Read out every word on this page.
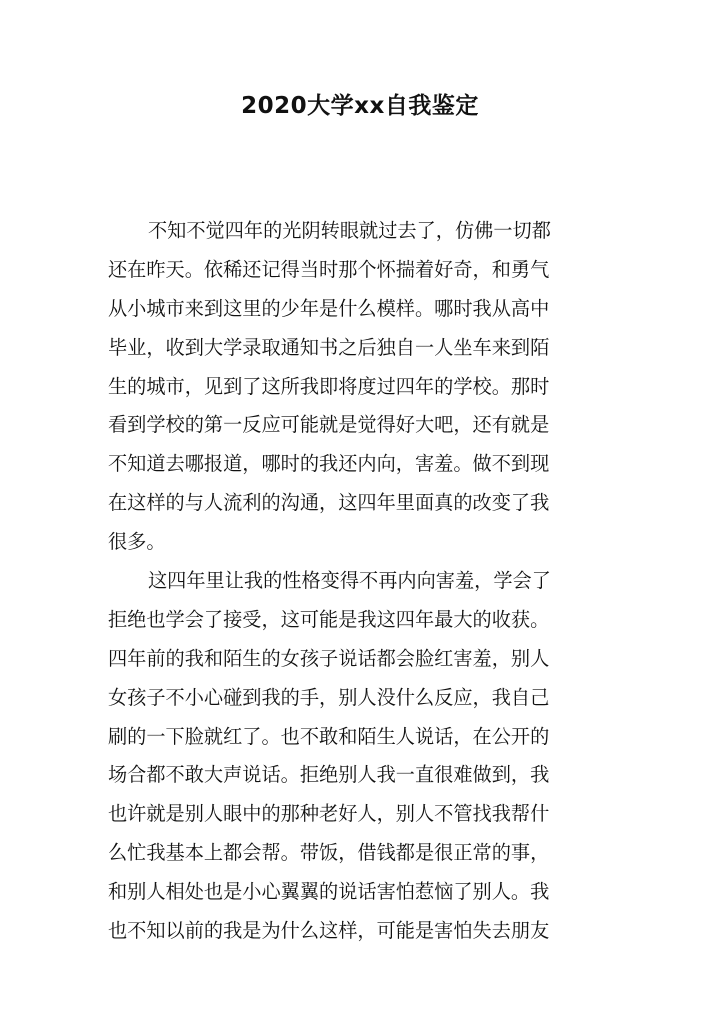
2020大学xx自我鉴定
不知不觉四年的光阴转眼就过去了，仿佛一切都
还在昨天。依稀还记得当时那个怀揣着好奇，和勇气
从小城市来到这里的少年是什么模样。哪时我从高中
毕业，收到大学录取通知书之后独自一人坐车来到陌
生的城市，见到了这所我即将度过四年的学校。那时
看到学校的第一反应可能就是觉得好大吧，还有就是
不知道去哪报道，哪时的我还内向，害羞。做不到现
在这样的与人流利的沟通，这四年里面真的改变了我
很多。
这四年里让我的性格变得不再内向害羞，学会了
拒绝也学会了接受，这可能是我这四年最大的收获。
四年前的我和陌生的女孩子说话都会脸红害羞，别人
女孩子不小心碰到我的手，别人没什么反应，我自己
刷的一下脸就红了。也不敢和陌生人说话，在公开的
场合都不敢大声说话。拒绝别人我一直很难做到，我
也许就是别人眼中的那种老好人，别人不管找我帮什
么忙我基本上都会帮。带饭，借钱都是很正常的事，
和别人相处也是小心翼翼的说话害怕惹恼了别人。我
也不知以前的我是为什么这样，可能是害怕失去朋友
